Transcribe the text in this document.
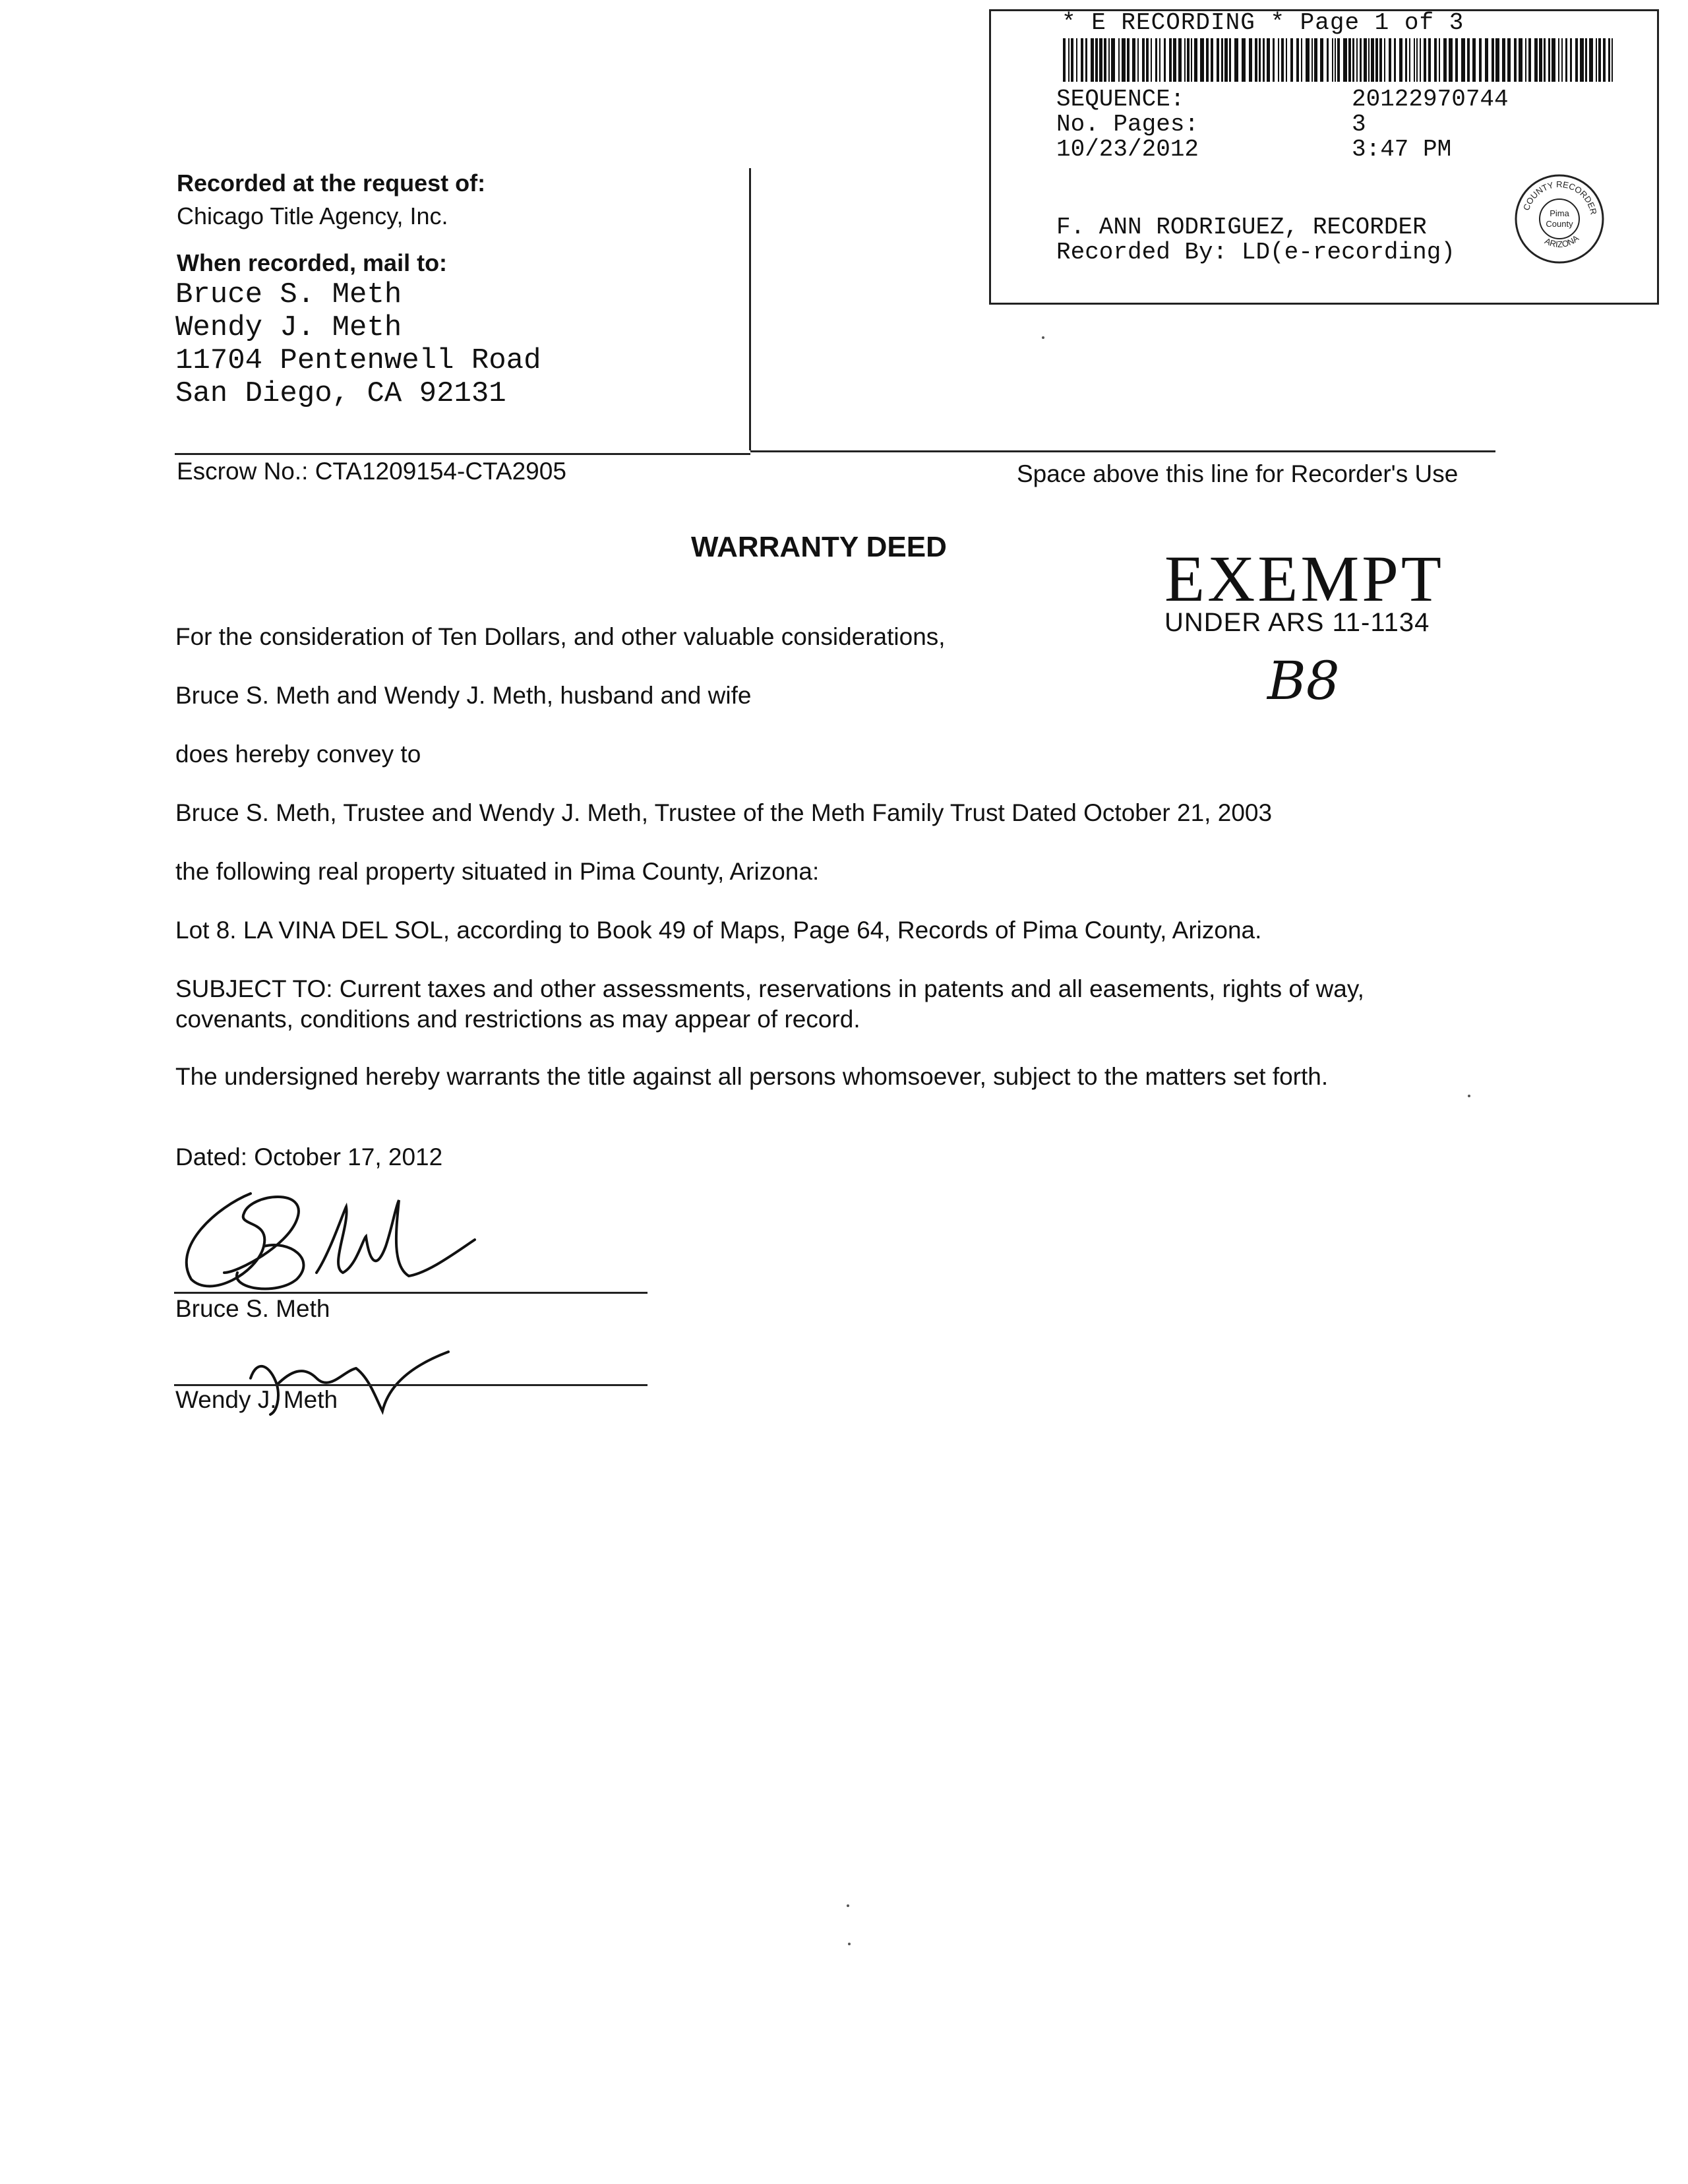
* E RECORDING * Page 1 of 3
SEQUENCE:	20122970744
No. Pages:	3
10/23/2012	3:47 PM
F. ANN RODRIGUEZ, RECORDER
Recorded By: LD(e-recording)
Pima
County
COUNTY RECORDER
ARIZONA
Recorded at the request of:
Chicago Title Agency, Inc.
When recorded, mail to:
Bruce S. Meth
Wendy J. Meth
11704 Pentenwell Road
San Diego, CA 92131
Escrow No.: CTA1209154-CTA2905	Space above this line for Recorder's Use
WARRANTY DEED	EXEMPT
UNDER ARS 11-1134
B8
For the consideration of Ten Dollars, and other valuable considerations,
Bruce S. Meth and Wendy J. Meth, husband and wife
does hereby convey to
Bruce S. Meth, Trustee and Wendy J. Meth, Trustee of the Meth Family Trust Dated October 21, 2003
the following real property situated in Pima County, Arizona:
Lot 8. LA VINA DEL SOL, according to Book 49 of Maps, Page 64, Records of Pima County, Arizona.
SUBJECT TO: Current taxes and other assessments, reservations in patents and all easements, rights of way,
covenants, conditions and restrictions as may appear of record.
The undersigned hereby warrants the title against all persons whomsoever, subject to the matters set forth.
Dated: October 17, 2012
Bruce S. Meth
Wendy J. Meth
